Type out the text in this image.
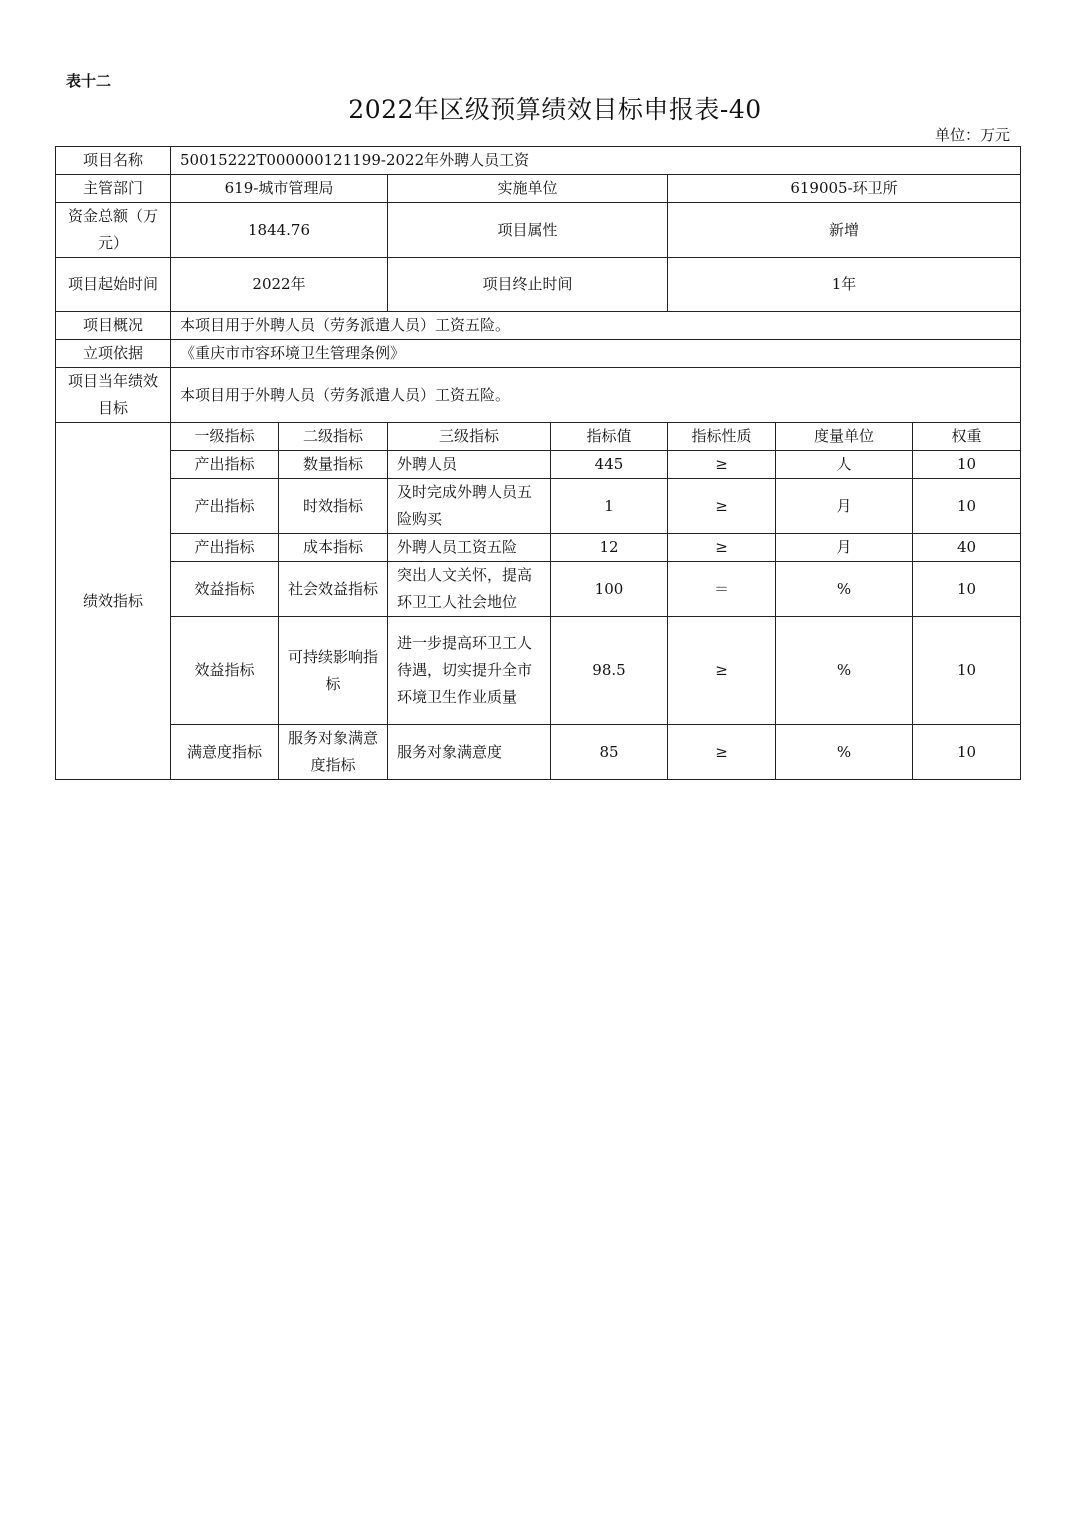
表十二
2022年区级预算绩效目标申报表-40
单位：万元
项目名称	50015222T000000121199-2022年外聘人员工资						
主管部门	619-城市管理局		实施单位		619005-环卫所		
资金总额（万元）	1844.76		项目属性		新增		
项目起始时间	2022年		项目终止时间		1年		
项目概况	本项目用于外聘人员（劳务派遣人员）工资五险。						
立项依据	《重庆市市容环境卫生管理条例》						
项目当年绩效目标	本项目用于外聘人员（劳务派遣人员）工资五险。						
绩效指标	一级指标	二级指标	三级指标	指标值	指标性质	度量单位	权重
	产出指标	数量指标	外聘人员	445	≥	人	10
	产出指标	时效指标	及时完成外聘人员五险购买	1	≥	月	10
	产出指标	成本指标	外聘人员工资五险	12	≥	月	40
	效益指标	社会效益指标	突出人文关怀，提高环卫工人社会地位	100	＝	%	10
	效益指标	可持续影响指标	进一步提高环卫工人待遇，切实提升全市环境卫生作业质量	98.5	≥	%	10
	满意度指标	服务对象满意度指标	服务对象满意度	85	≥	%	10
